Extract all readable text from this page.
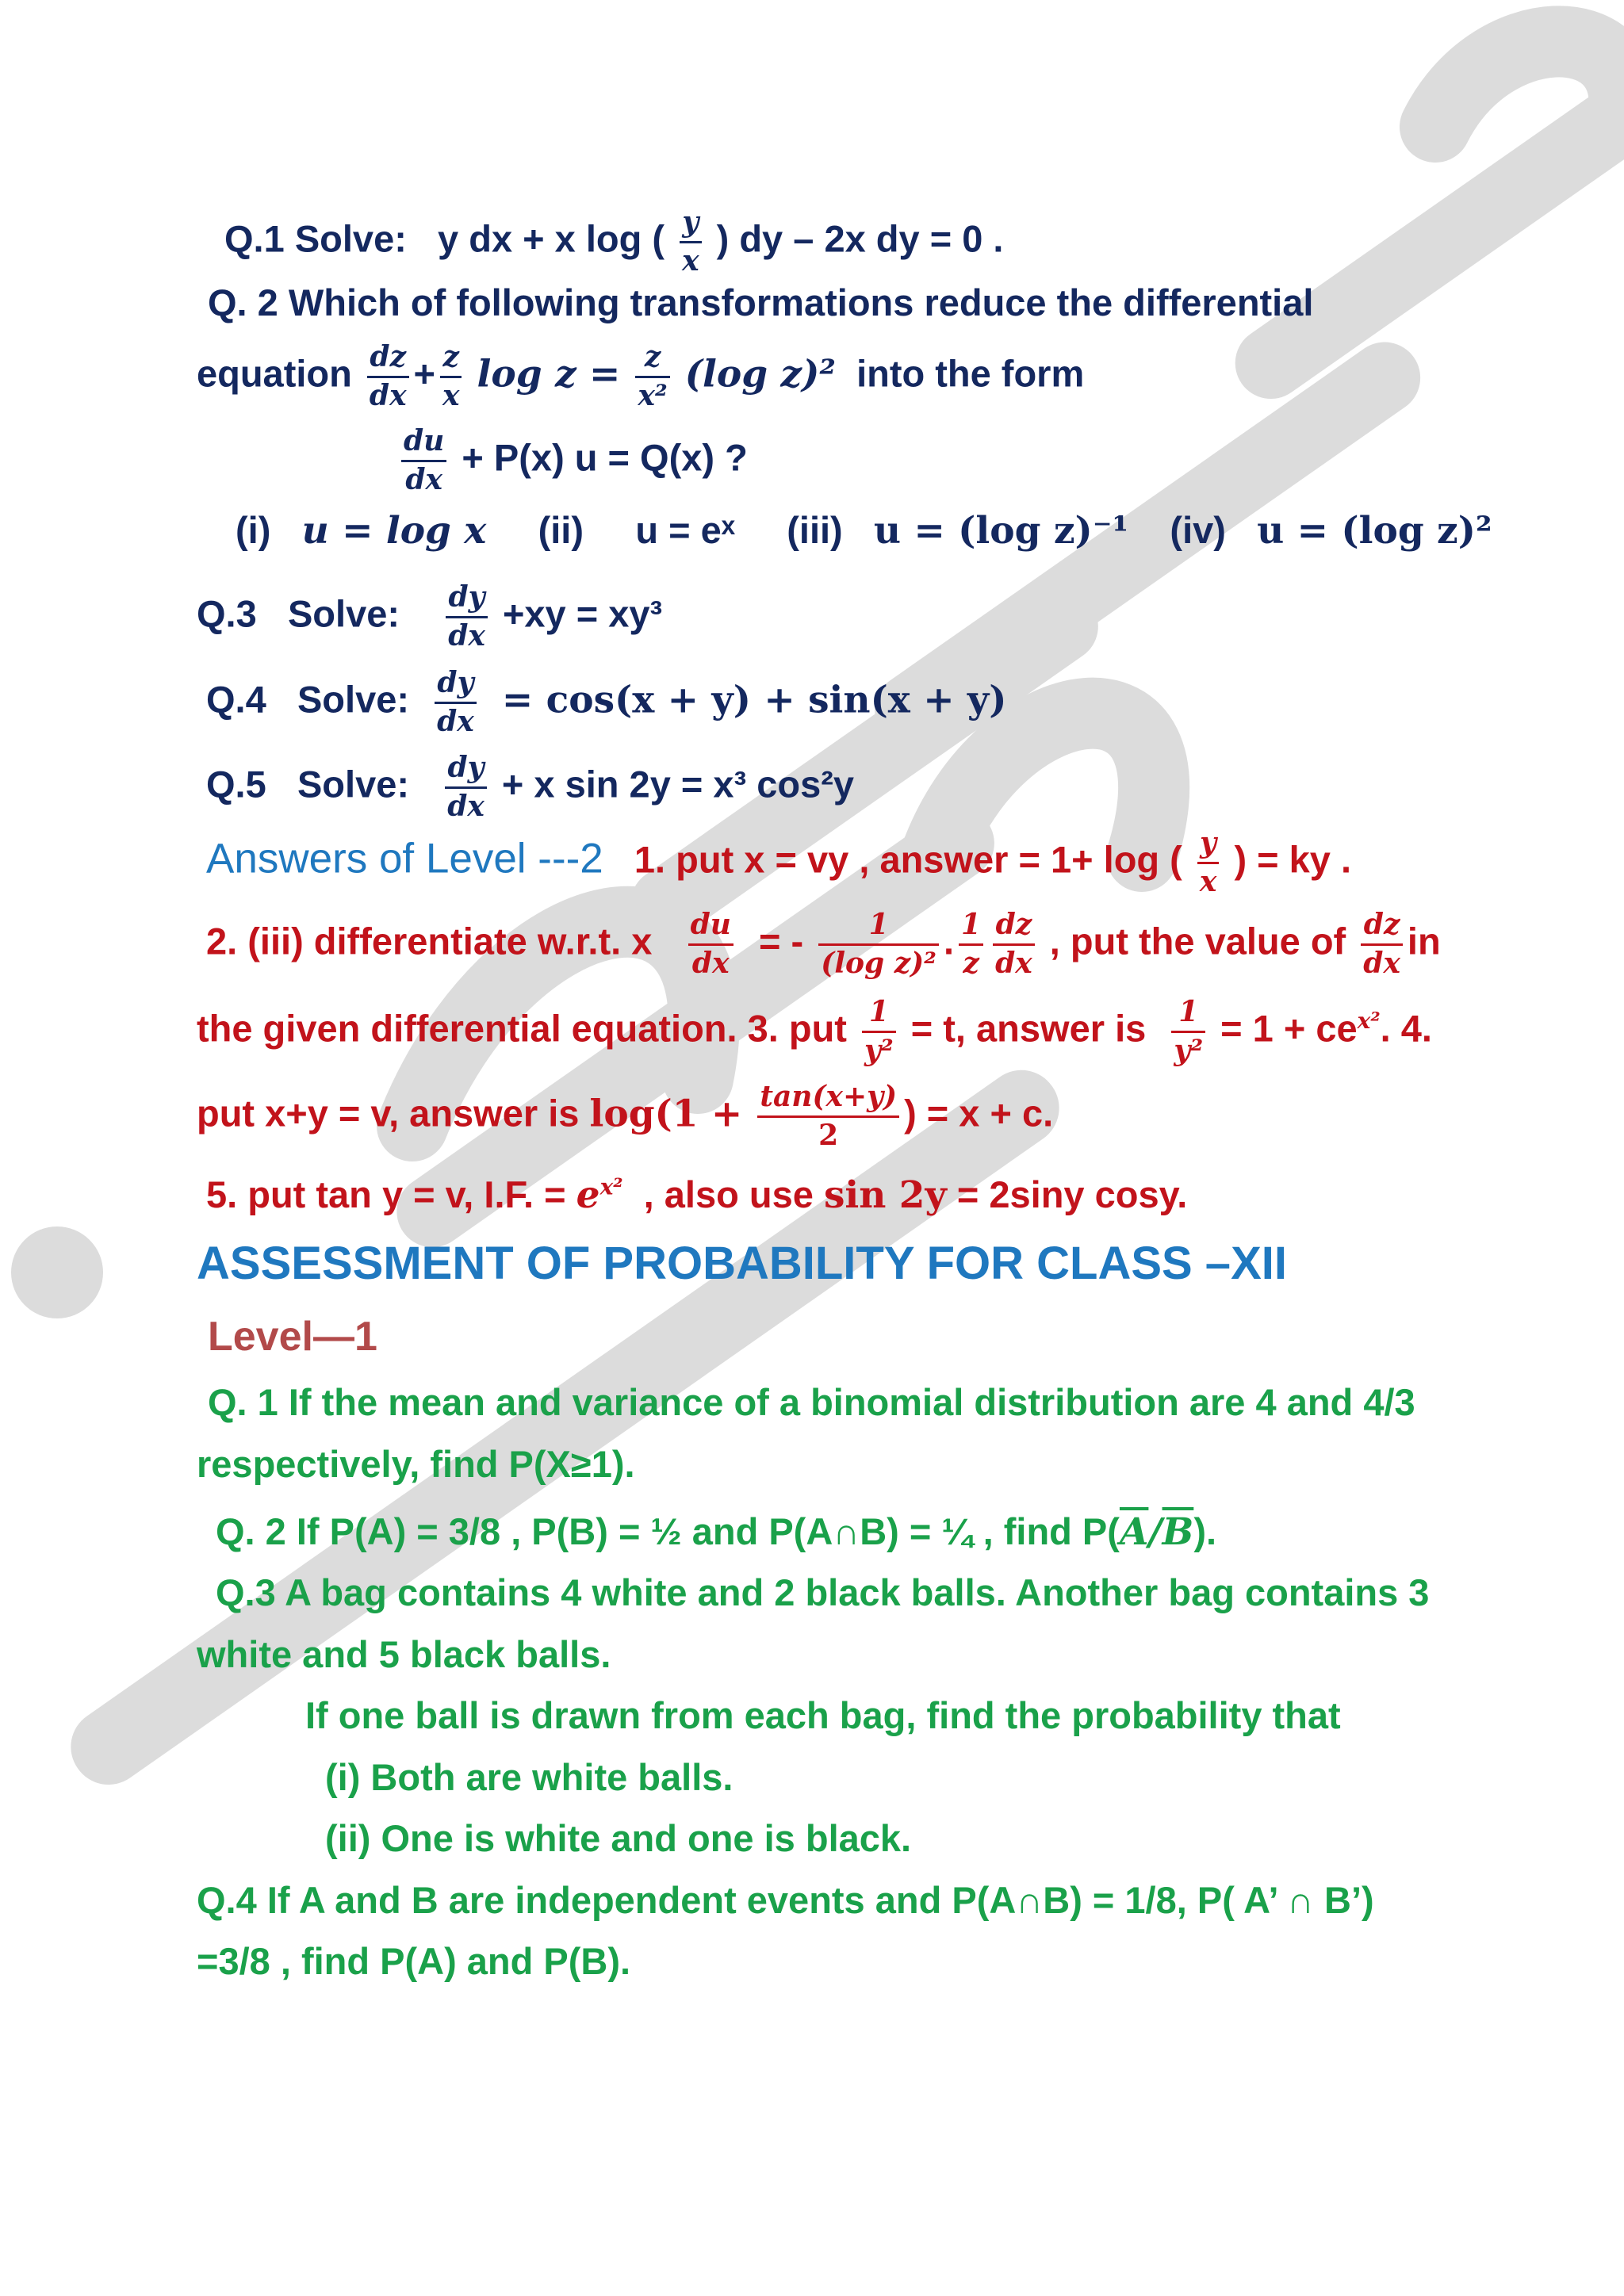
Q.1 Solve: y dx + x log ( $\frac{y}{x}$ ) dy – 2x dy = 0 .
Q. 2 Which of following transformations reduce the differential
equation $\frac{dz}{dx} + \frac{z}{x}$ $\log z = \frac{z}{\text{x²}} (\log$ z)² into the form
$\frac{du}{dx} + P(x) u = Q(x)$ ?
(i) u = log x (ii) u = eˣ (iii) u = (log z)⁻¹ (iv) u = (log z)²
Q.3 Solve: $\frac{dy}{dx} +xy = xy^3$
Q.4 Solve: $\frac{dy}{dx} = \cos(x + y) + \sin(x + y)$
Q.5 Solve: $\frac{dy}{dx} + x$ sin 2y = x³ cos²y
Answers of Level ---2 1. put x = vy , answer = 1+ log ( $\frac{y}{x}$ ) = ky .
2. (iii) differentiate w.r.t. x $\frac{du}{dx}$ = - $\frac{1}{\text{(log z)²}}$ . $\frac{1}{z} \frac{dz}{dx}$ , put the value of $\frac{dz}{dx}$ in
the given differential equation. 3. put $\frac{1}{\text{y²}} = t$, answer is $\frac{1}{\text{y²}} = 1 + ce^{x^2}$. 4.
put x+y = v, answer is $\log(1 + \frac{\tan(x+y)}{2}$ ) = x + c.
5. put tan y = v, I.F. = $e^{x^2}$ , also use sin 2y = 2siny cosy.
ASSESSMENT OF PROBABILITY FOR CLASS –XII
Level—1
Q. 1 If the mean and variance of a binomial distribution are 4 and 4/3
respectively, find P(X≥1).
Q. 2 If P(A) = 3/8 , P(B) = ½ and P(A∩B) = ¼ , find $P(\overline{A}/\overline{B})$.
Q.3 A bag contains 4 white and 2 black balls. Another bag contains 3
white and 5 black balls.
If one ball is drawn from each bag, find the probability that
(i) Both are white balls.
(ii) One is white and one is black.
Q.4 If A and B are independent events and P(A∩B) = 1/8, P( A’ ∩ B’)
=3/8 , find P(A) and P(B).
